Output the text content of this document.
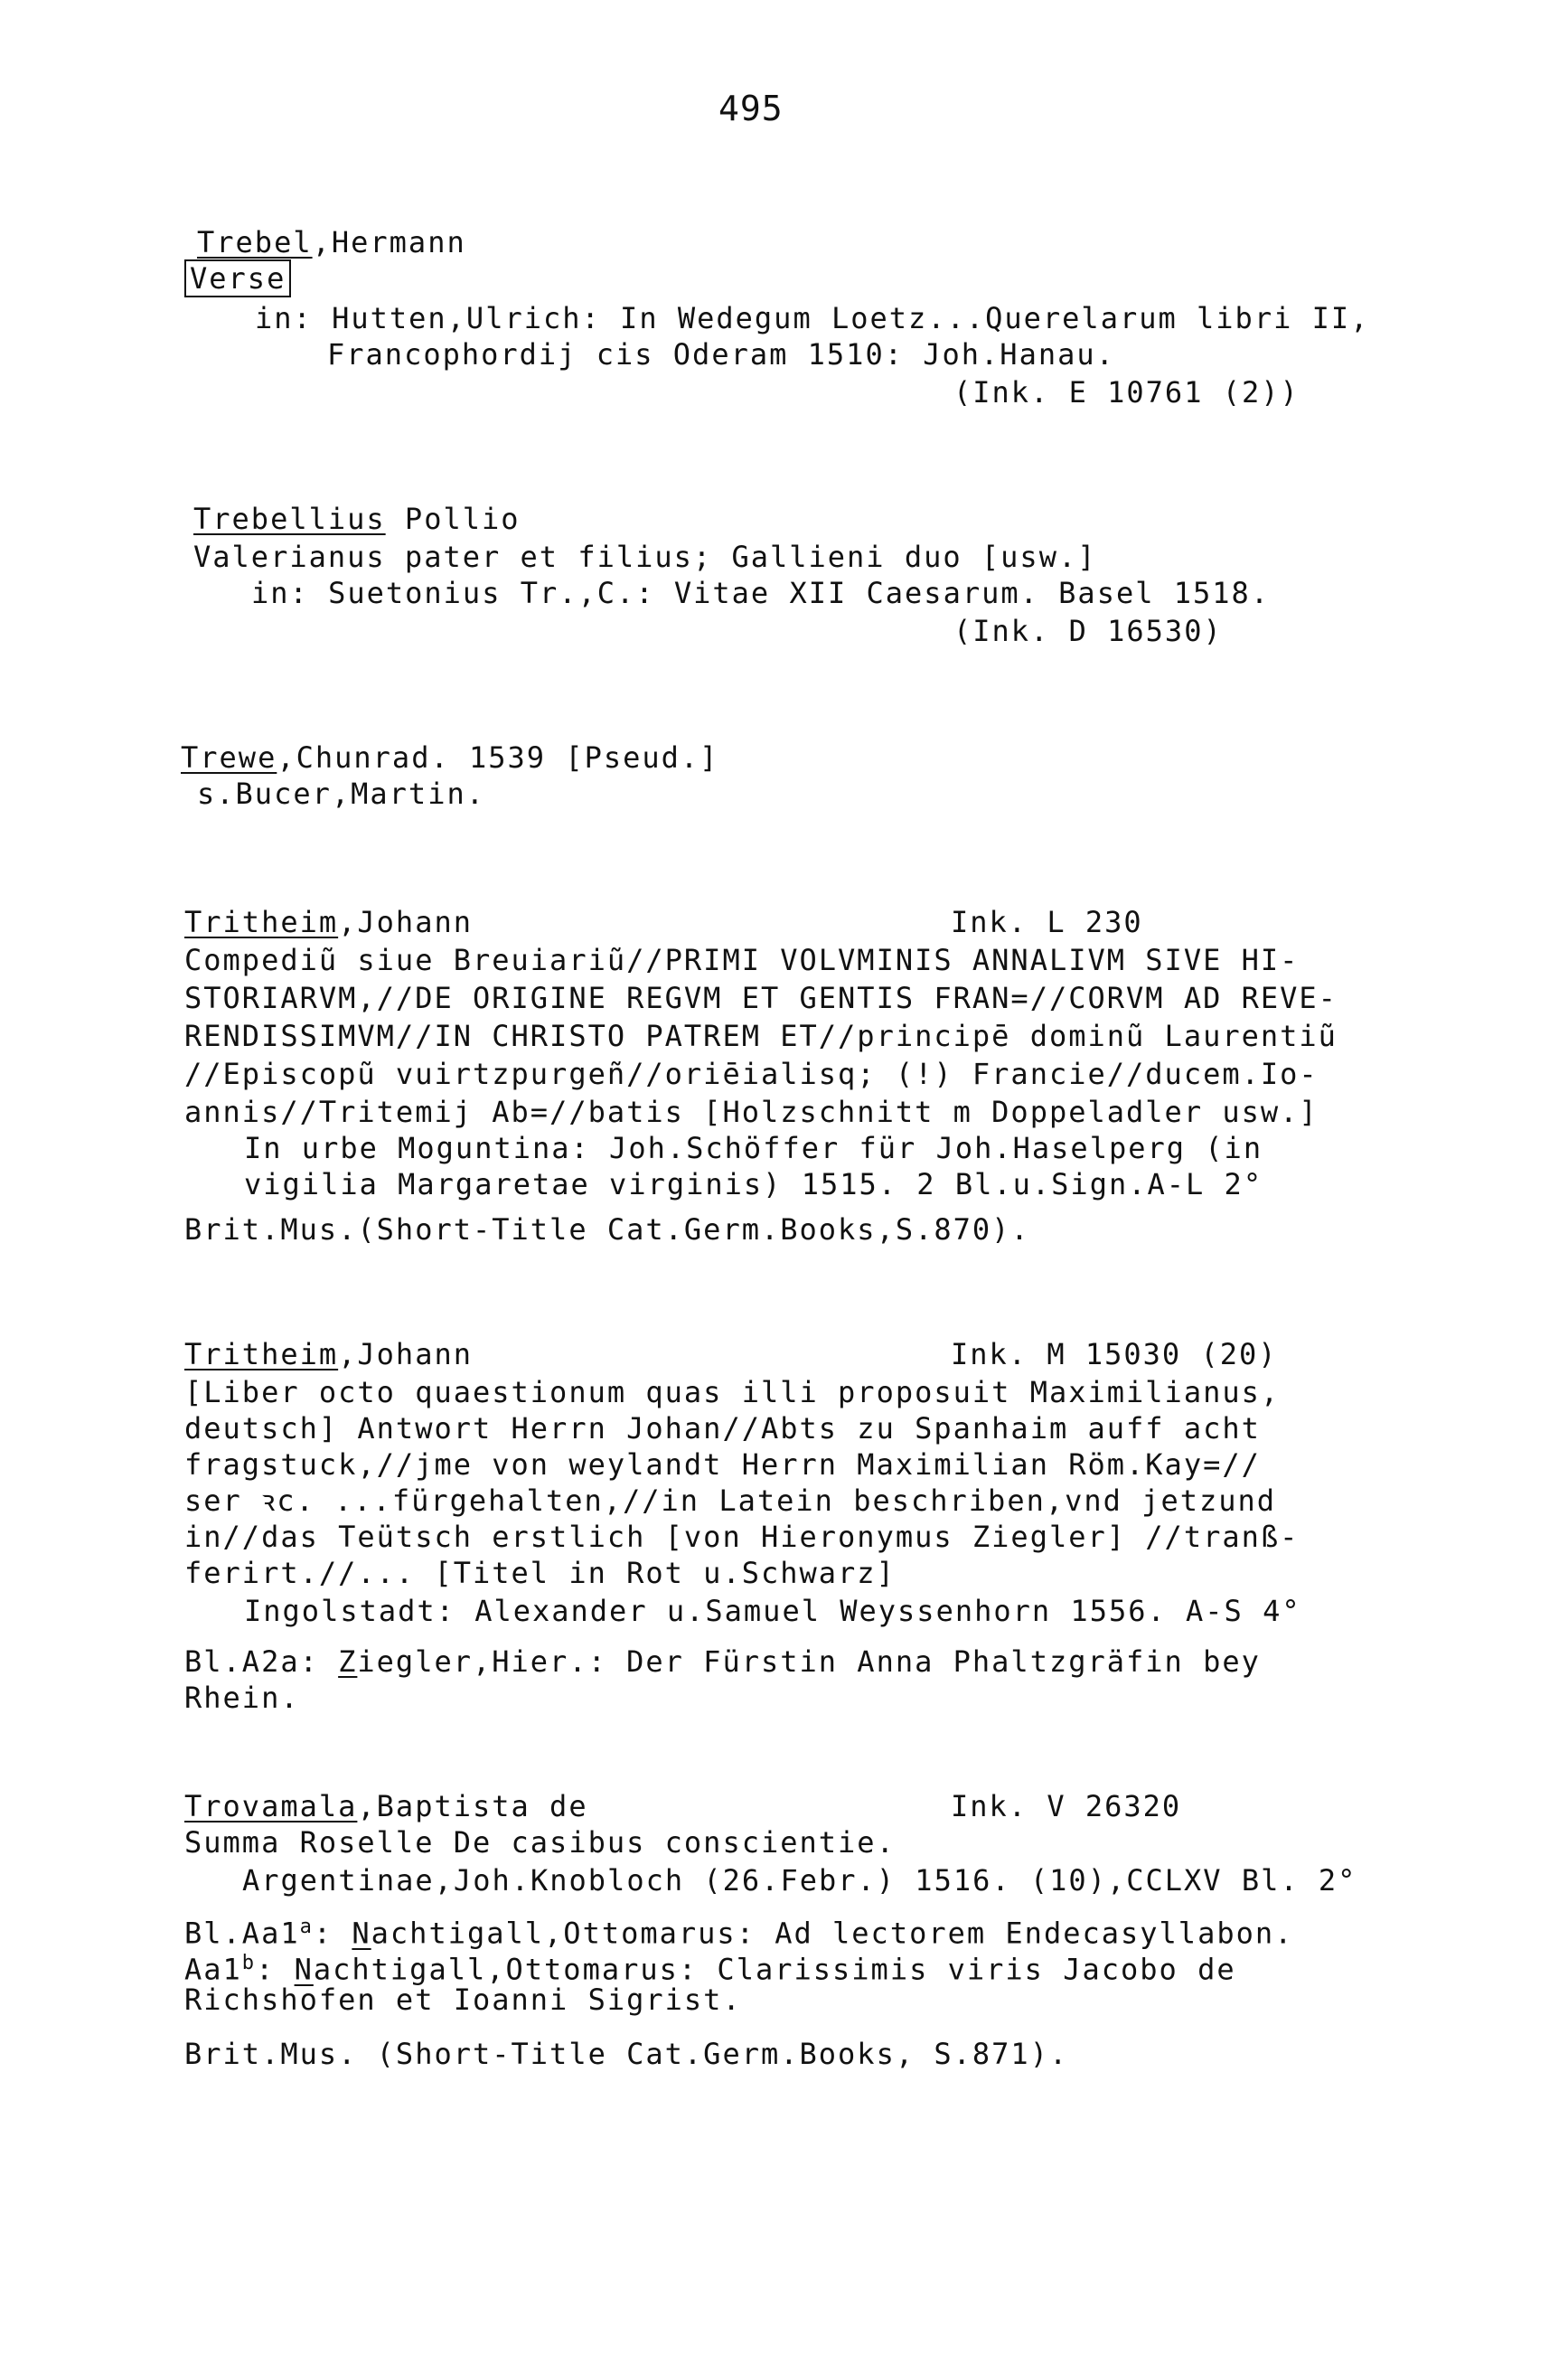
495
Trebel,Hermann
Verse
in: Hutten,Ulrich: In Wedegum Loetz...Querelarum libri II,
Francophordij cis Oderam 1510: Joh.Hanau.
(Ink. E 10761 (2))
Trebellius Pollio
Valerianus pater et filius; Gallieni duo [usw.]
in: Suetonius Tr.,C.: Vitae XII Caesarum. Basel 1518.
(Ink. D 16530)
Trewe,Chunrad. 1539 [Pseud.]
s.Bucer,Martin.
Tritheim,Johann	Ink. L 230
Compediũ siue Breuiariũ//PRIMI VOLVMINIS ANNALIVM SIVE HI-
STORIARVM,//DE ORIGINE REGVM ET GENTIS FRAN=//CORVM AD REVE-
RENDISSIMVM//IN CHRISTO PATREM ET//principē dominũ Laurentiũ
//Episcopũ vuirtzpurgeñ//oriēialisq; (!) Francie//ducem.Io-
annis//Tritemij Ab=//batis [Holzschnitt m Doppeladler usw.]
In urbe Moguntina: Joh.Schöffer für Joh.Haselperg (in
vigilia Margaretae virginis) 1515. 2 Bl.u.Sign.A-L 2°
Brit.Mus.(Short-Title Cat.Germ.Books,S.870).
Tritheim,Johann	Ink. M 15030 (20)
[Liber octo quaestionum quas illi proposuit Maximilianus,
deutsch] Antwort Herrn Johan//Abts zu Spanhaim auff acht
fragstuck,//jme von weylandt Herrn Maximilian Röm.Kay=//
ser ꝛc. ...fürgehalten,//in Latein beschriben,vnd jetzund
in//das Teütsch erstlich [von Hieronymus Ziegler] //tranß-
ferirt.//... [Titel in Rot u.Schwarz]
Ingolstadt: Alexander u.Samuel Weyssenhorn 1556. A-S 4°
Bl.A2a: Ziegler,Hier.: Der Fürstin Anna Phaltzgräfin bey
Rhein.
Trovamala,Baptista de	Ink. V 26320
Summa Roselle De casibus conscientie.
Argentinae,Joh.Knobloch (26.Febr.) 1516. (10),CCLXV Bl. 2°
Bl.Aa1$^a$: Nachtigall,Ottomarus: Ad lectorem Endecasyllabon.
Aa1$^b$: Nachtigall,Ottomarus: Clarissimis viris Jacobo de
Richshofen et Ioanni Sigrist.
Brit.Mus. (Short-Title Cat.Germ.Books, S.871).
